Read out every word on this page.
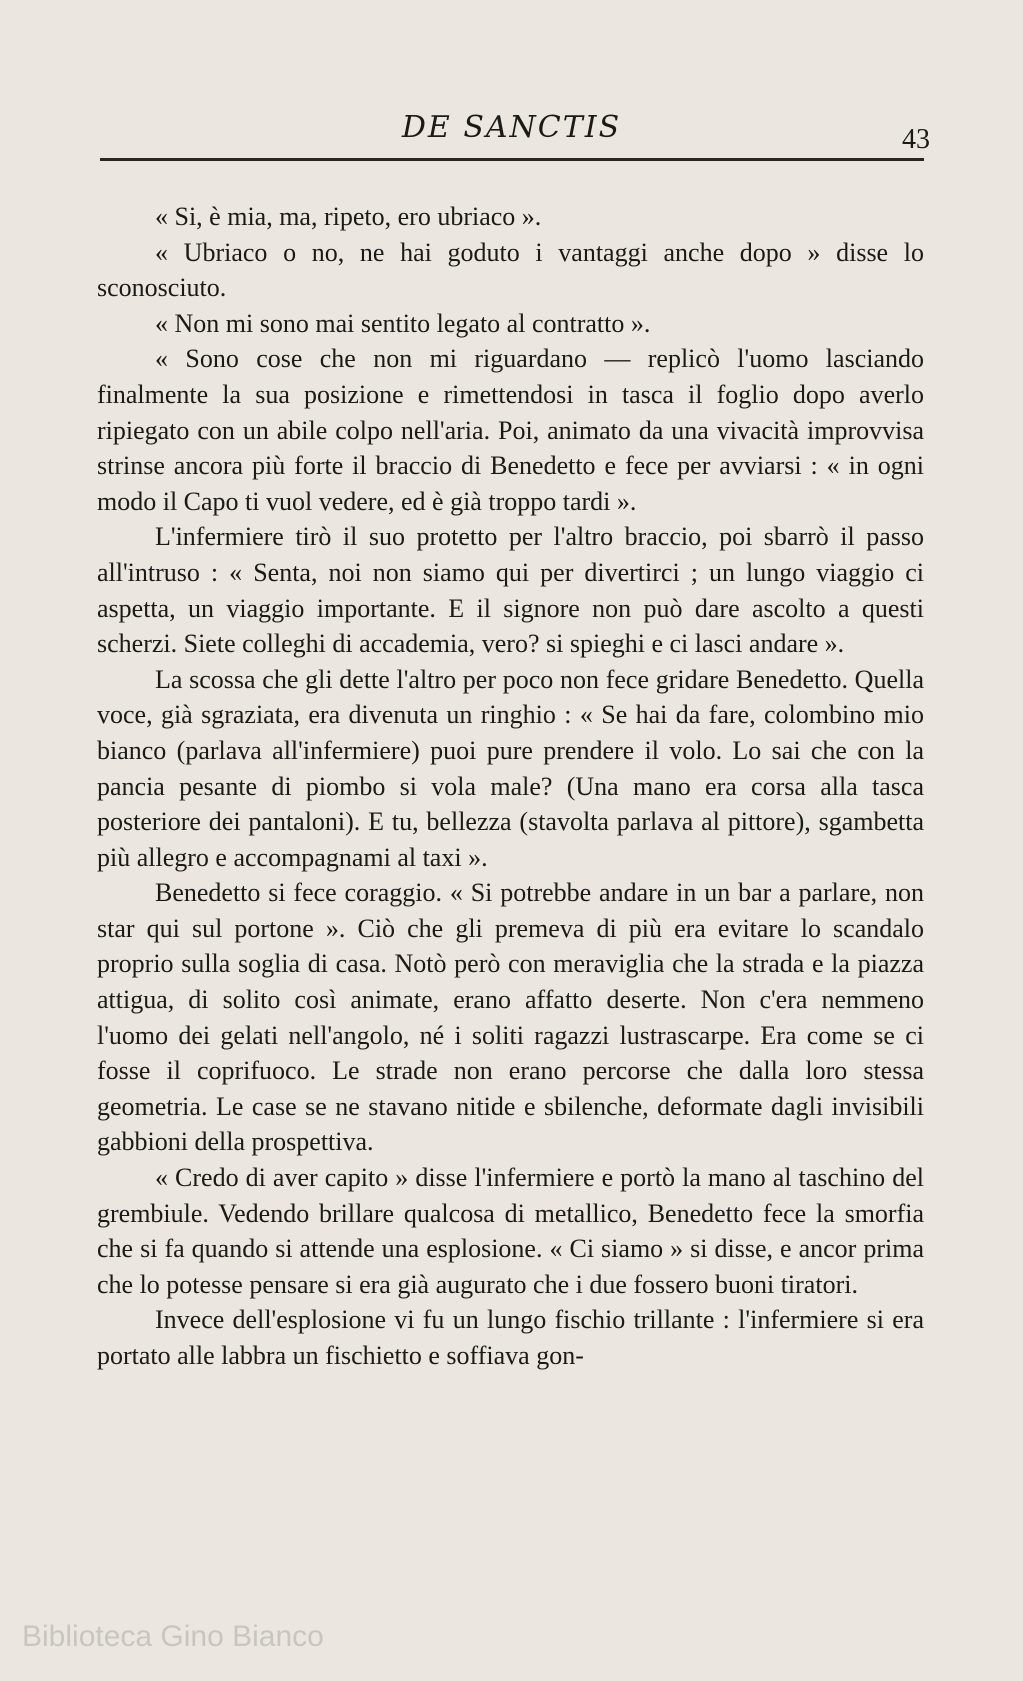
DE SANCTIS	43

« Si, è mia, ma, ripeto, ero ubriaco ».

« Ubriaco o no, ne hai goduto i vantaggi anche dopo » disse lo sconosciuto.

« Non mi sono mai sentito legato al contratto ».

« Sono cose che non mi riguardano — replicò l'uomo lasciando finalmente la sua posizione e rimettendosi in tasca il foglio dopo averlo ripiegato con un abile colpo nell'aria. Poi, animato da una vivacità improvvisa strinse ancora più forte il braccio di Benedetto e fece per avviarsi : « in ogni modo il Capo ti vuol vedere, ed è già troppo tardi ».

L'infermiere tirò il suo protetto per l'altro braccio, poi sbarrò il passo all'intruso : « Senta, noi non siamo qui per divertirci ; un lungo viaggio ci aspetta, un viaggio importante. E il signore non può dare ascolto a questi scherzi. Siete colleghi di accademia, vero? si spieghi e ci lasci andare ».

La scossa che gli dette l'altro per poco non fece gridare Benedetto. Quella voce, già sgraziata, era divenuta un ringhio : « Se hai da fare, colombino mio bianco (parlava all'infermiere) puoi pure prendere il volo. Lo sai che con la pancia pesante di piombo si vola male? (Una mano era corsa alla tasca posteriore dei pantaloni). E tu, bellezza (stavolta parlava al pittore), sgambetta più allegro e accompagnami al taxi ».

Benedetto si fece coraggio. « Si potrebbe andare in un bar a parlare, non star qui sul portone ». Ciò che gli premeva di più era evitare lo scandalo proprio sulla soglia di casa. Notò però con meraviglia che la strada e la piazza attigua, di solito così animate, erano affatto deserte. Non c'era nemmeno l'uomo dei gelati nell'angolo, né i soliti ragazzi lustrascarpe. Era come se ci fosse il coprifuoco. Le strade non erano percorse che dalla loro stessa geometria. Le case se ne stavano nitide e sbilenche, deformate dagli invisibili gabbioni della prospettiva.

« Credo di aver capito » disse l'infermiere e portò la mano al taschino del grembiule. Vedendo brillare qualcosa di metallico, Benedetto fece la smorfia che si fa quando si attende una esplosione. « Ci siamo » si disse, e ancor prima che lo potesse pensare si era già augurato che i due fossero buoni tiratori.

Invece dell'esplosione vi fu un lungo fischio trillante : l'infermiere si era portato alle labbra un fischietto e soffiava gon-

Biblioteca Gino Bianco
